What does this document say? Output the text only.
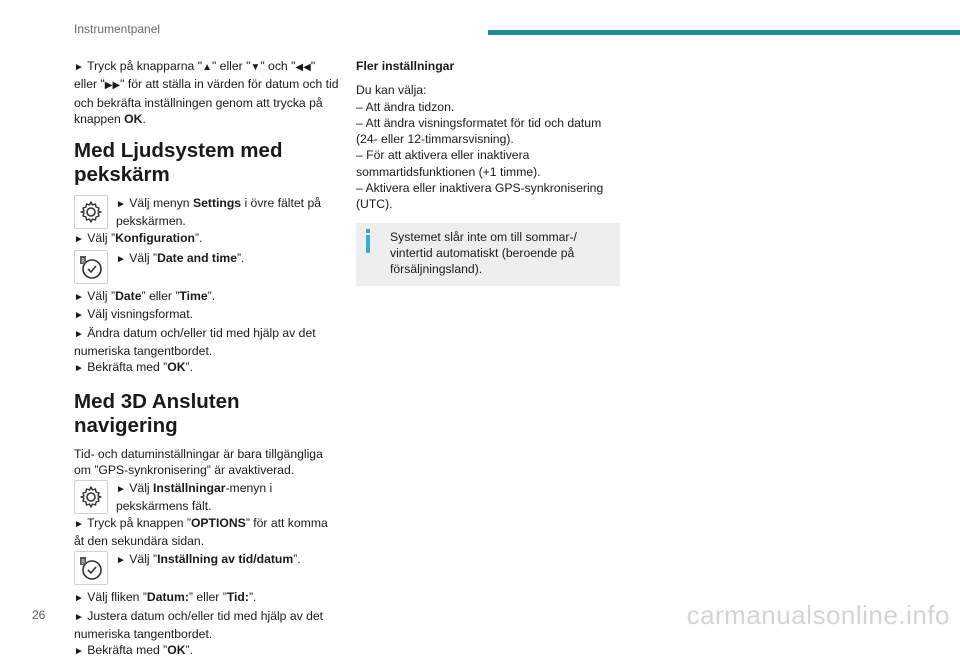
Instrumentpanel

► Tryck på knapparna "▲" eller "▼" och "◀◀" eller "▶▶" för att ställa in värden för datum och tid och bekräfta inställningen genom att trycka på knappen OK.

Med Ljudsystem med pekskärm

► Välj menyn Settings i övre fältet på pekskärmen.

► Välj ”Konfiguration”.

8	► Välj ”Date and time”.

► Välj ”Date” eller ”Time”.

► Välj visningsformat.

► Ändra datum och/eller tid med hjälp av det numeriska tangentbordet.

► Bekräfta med ”OK”.

Med 3D Ansluten navigering

Tid- och datuminställningar är bara tillgängliga om ”GPS-synkronisering” är avaktiverad.

► Välj Inställningar-menyn i pekskärmens fält.

► Tryck på knappen ”OPTIONS” för att komma åt den sekundära sidan.

8	► Välj ”Inställning av tid/datum”.

► Välj fliken ”Datum:” eller ”Tid:”.

► Justera datum och/eller tid med hjälp av det numeriska tangentbordet.

► Bekräfta med ”OK”.

Fler inställningar

Du kan välja:

– Att ändra tidzon.

– Att ändra visningsformatet för tid och datum (24- eller 12-timmarsvisning).

– För att aktivera eller inaktivera sommartidsfunktionen (+1 timme).

– Aktivera eller inaktivera GPS-synkronisering (UTC).

Systemet slår inte om till sommar-/ vintertid automatiskt (beroende på försäljningsland).

26	carmanualsonline.info
